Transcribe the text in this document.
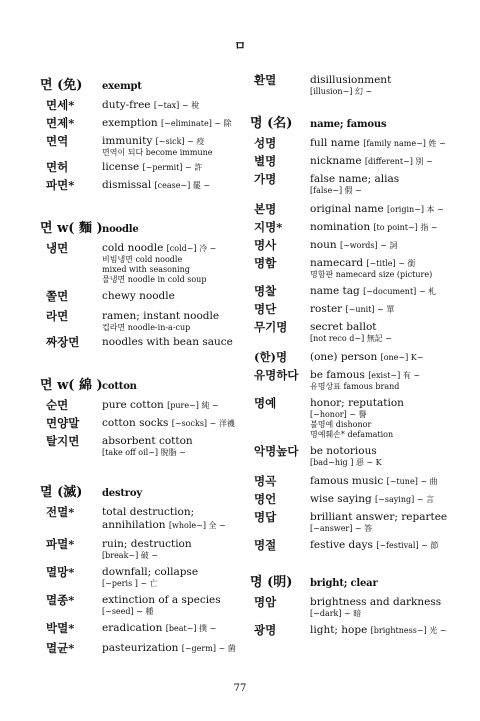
ㅁ
면 (免)	exempt
면세*	duty-free [~tax] ~ 稅
면제*	exemption [~eliminate] ~ 除
면역	immunity [~sick] ~ 疫
면역이 되다 become immune
면허	license [~permit] ~ 許
파면*	dismissal [cease~] 罷 ~
면 w( 麵 ) noodle
냉면	cold noodle [cold~] 冷 ~
비빔냉면 cold noodle
mixed with seasoning
물냉면 noodle in cold soup
쫄면	chewy noodle
라면	ramen; instant noodle
컵라면 noodle-in-a-cup
짜장면	noodles with bean sauce
면 w( 綿 ) cotton
순면	pure cotton [pure~] 純 ~
면양말	cotton socks [~socks] ~ 洋襪
탈지면	absorbent cotton
[take off oil~] 脫脂 ~
멸 (滅)	destroy
전멸*	total destruction; annihilation [whole~] 全 ~
파멸*	ruin; destruction
[break~] 破 ~
멸망*	downfall; collapse
[~peris ] ~ 亡
멸종*	extinction of a species
[~seed] ~ 種
박멸*	eradication [beat~] 撲 ~
멸균*	pasteurization [~germ] ~ 菌
환멸	disillusionment
[illusion~] 幻 ~
명 (名)	name; famous
성명	full name [family name~] 姓 ~
별명	nickname [different~] 別 ~
가명	false name; alias
[false~] 假 ~
본명	original name [origin~] 本 ~
지명*	nomination [to point~] 指 ~
명사	noun [~words] ~ 詞
명함	namecard [~title] ~ 銜
명함판 namecard size (picture)
명찰	name tag [~document] ~ 札
명단	roster [~unit] ~ 單
무기명	secret ballot
[not reco d~] 無記 ~
(한)명	(one) person [one~] K~
유명하다	be famous [exist~] 有 ~
유명상표 famous brand
명예	honor; reputation
[~honor] ~ 譽
불명예 dishonor
명예훼손* defamation
악명높다	be notorious
[bad~hig ] 惡 ~ K
명곡	famous music [~tune] ~ 曲
명언	wise saying [~saying] ~ 言
명답	brilliant answer; repartee
[~answer] ~ 答
명절	festive days [~festival] ~ 節
명 (明)	bright; clear
명암	brightness and darkness
[~dark] ~ 暗
광명	light; hope [brightness~] 光 ~
77
